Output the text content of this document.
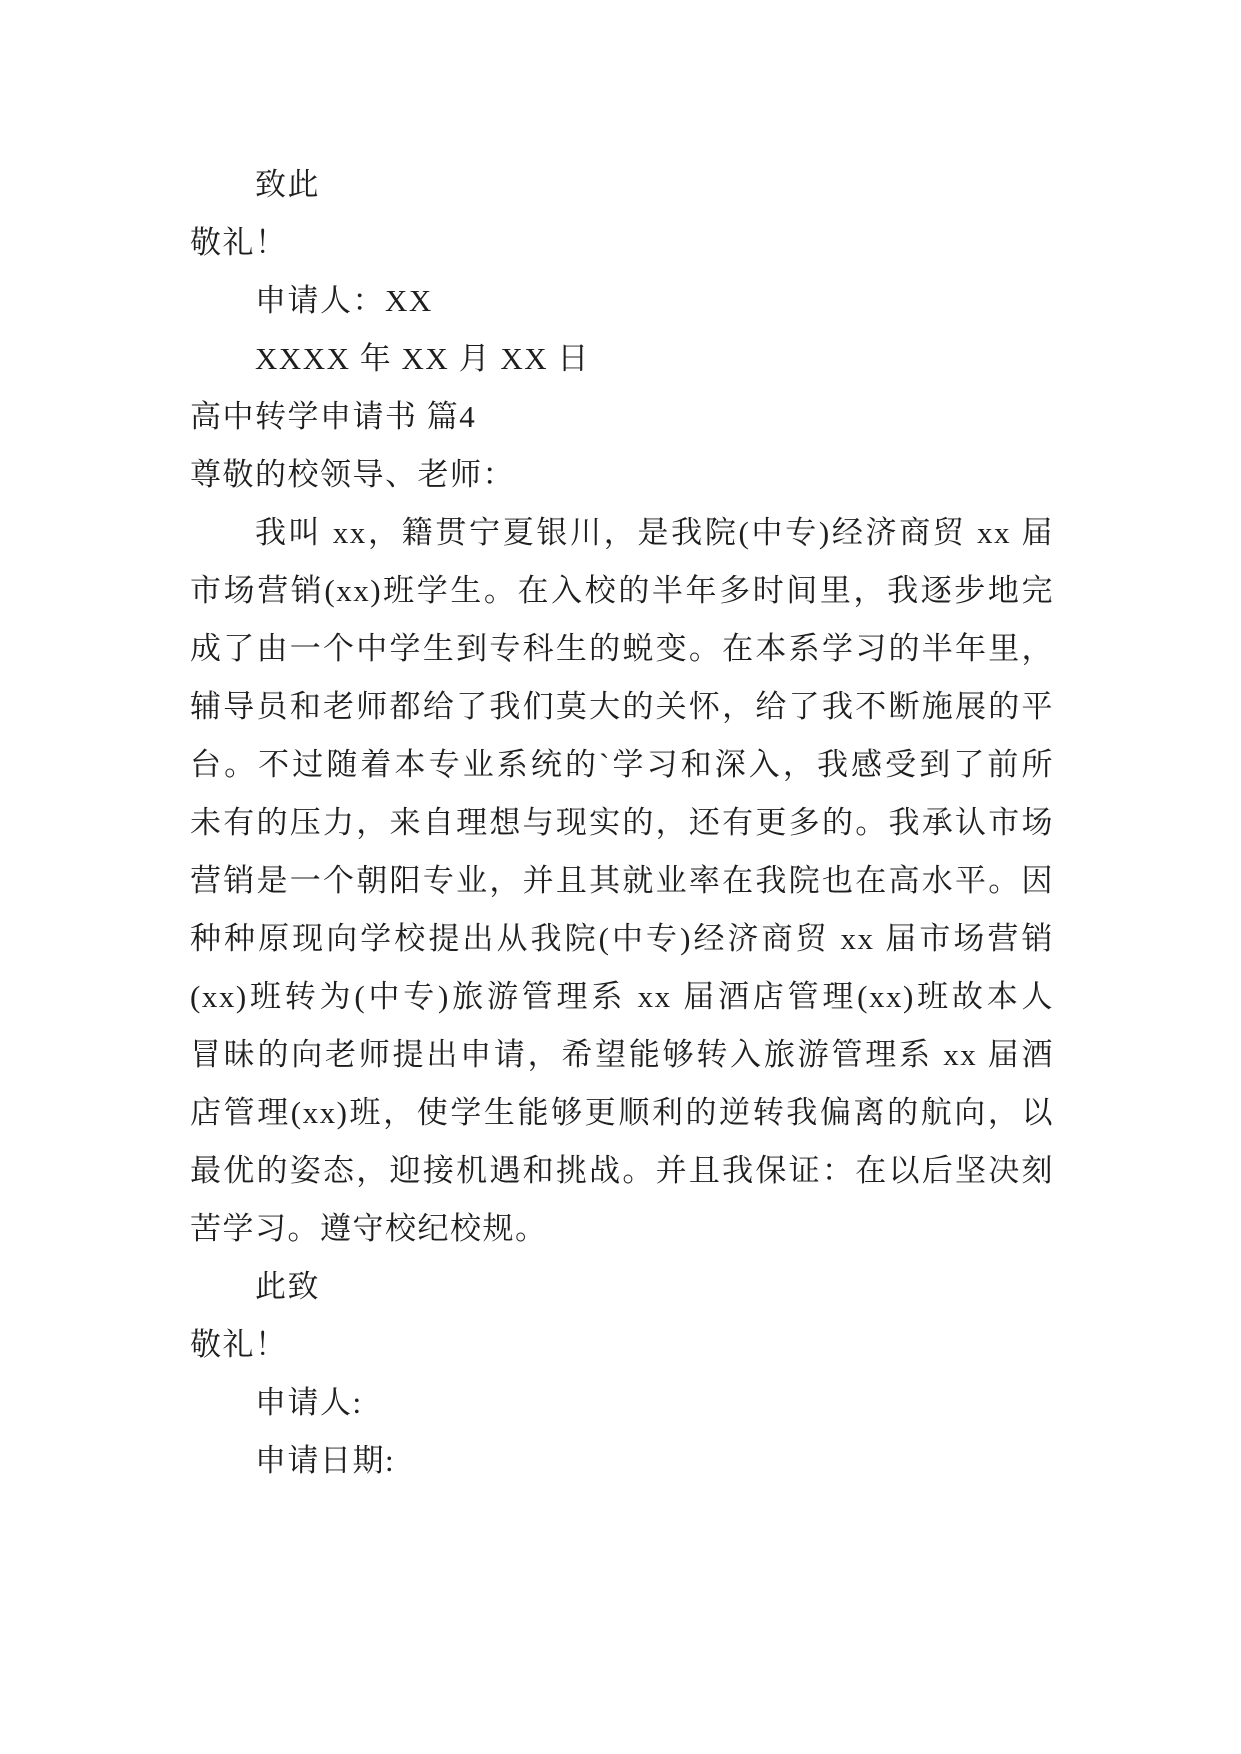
致此
敬礼！
申请人：XX
XXXX 年 XX 月 XX 日
高中转学申请书 篇4
尊敬的校领导、老师：
我叫 xx，籍贯宁夏银川，是我院(中专)经济商贸 xx 届
市场营销(xx)班学生。在入校的半年多时间里，我逐步地完
成了由一个中学生到专科生的蜕变。在本系学习的半年里，
辅导员和老师都给了我们莫大的关怀，给了我不断施展的平
台。不过随着本专业系统的`学习和深入，我感受到了前所
未有的压力，来自理想与现实的，还有更多的。我承认市场
营销是一个朝阳专业，并且其就业率在我院也在高水平。因
种种原现向学校提出从我院(中专)经济商贸 xx 届市场营销
(xx)班转为(中专)旅游管理系 xx 届酒店管理(xx)班故本人
冒昧的向老师提出申请，希望能够转入旅游管理系 xx 届酒
店管理(xx)班，使学生能够更顺利的逆转我偏离的航向，以
最优的姿态，迎接机遇和挑战。并且我保证：在以后坚决刻
苦学习。遵守校纪校规。
此致
敬礼！
申请人:
申请日期:
